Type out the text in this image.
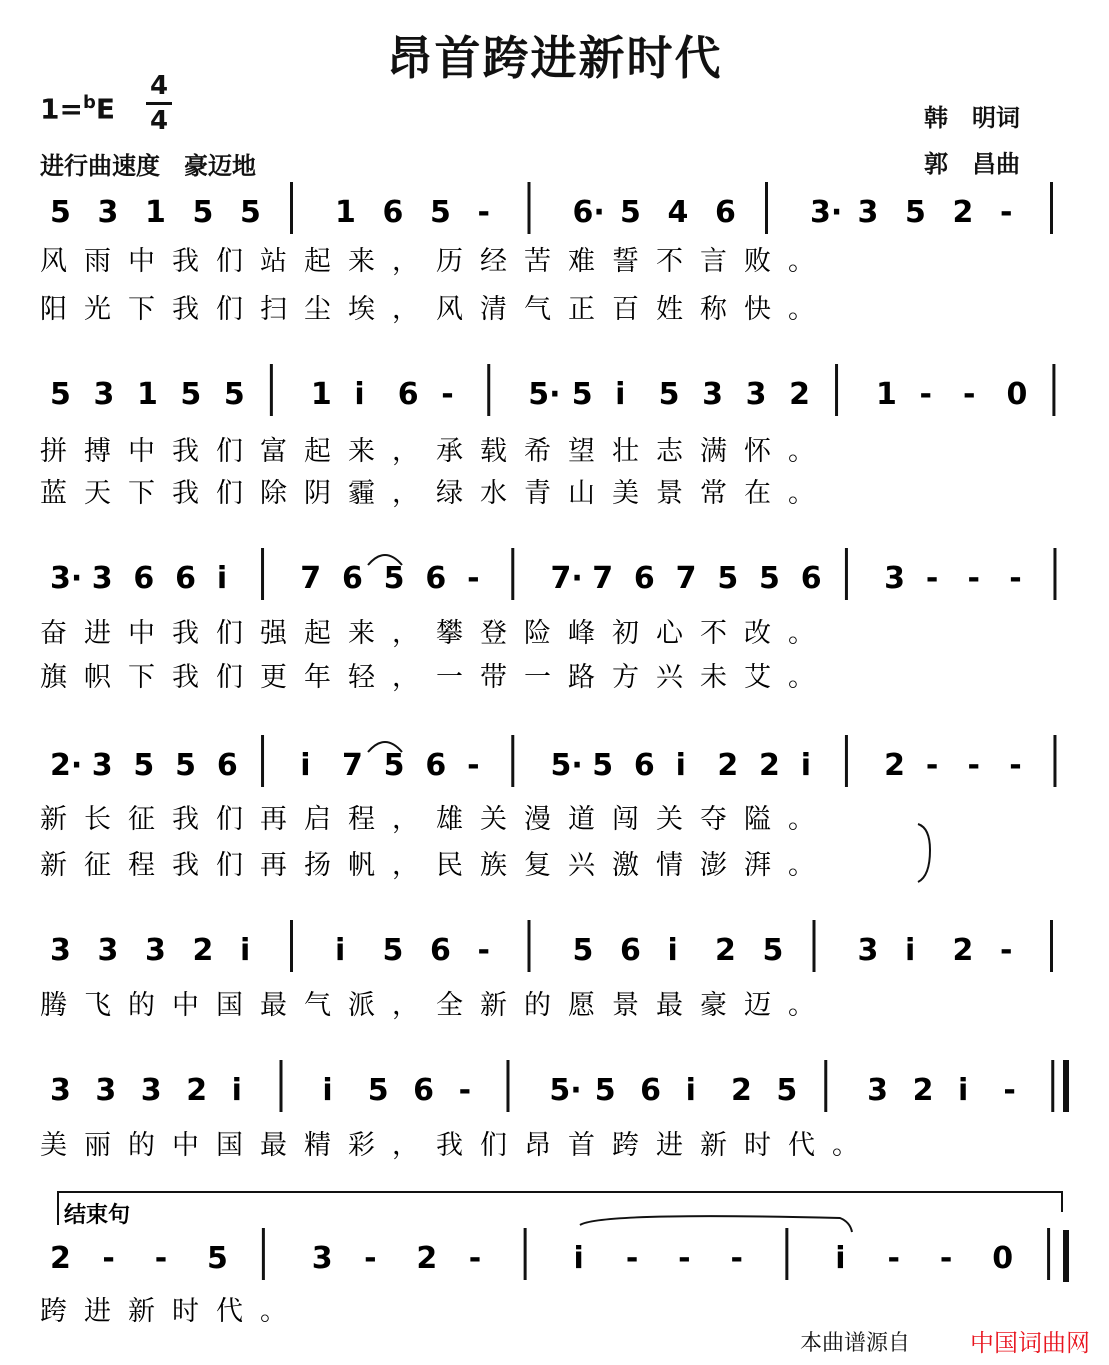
昂首跨进新时代
1=$^b$E
4
4
进行曲速度　豪迈地
韩　明词
郭　昌曲
5 3 1 5 5 1 6 5 -	6· 5 4 6 3· 3 5 2 -
风雨中我们站起来，历经苦难誓不言败。
阳光下我们扫尘埃，风清气正百姓称快。
5 3 1 5 5 1 i 6 - 5· 5 i 5 3 3 2 1 - - 0
拼搏中我们富起来，承载希望壮志满怀。
蓝天下我们除阴霾，绿水青山美景常在。
3· 3 6 6 i 7 6 5 6 - 7· 7 6 7 5 5 6 3 - - -
奋进中我们强起来，攀登险峰初心不改。
旗帜下我们更年轻，一带一路方兴未艾。
2· 3 5 5 6 i 7 5 6 - 5· 5 6 i 2 2 i 2 - - -
新长征我们再启程，雄关漫道闯关夺隘。
新征程我们再扬帆，民族复兴激情澎湃。
3 3 3 2 i	i 5 6 -	5 6 i 2 5 3 i 2 -
腾飞的中国最气派，全新的愿景最豪迈。
3 3 3 2 i	i 5 6 -	5· 5 6 i 2 5 3 2 i -
美丽的中国最精彩，我们昂首跨进新时代。
2 - - 5	3 - 2 -	i - - -	i - - 0
跨进新时代。
结束句
本曲谱源自 中国词曲网
